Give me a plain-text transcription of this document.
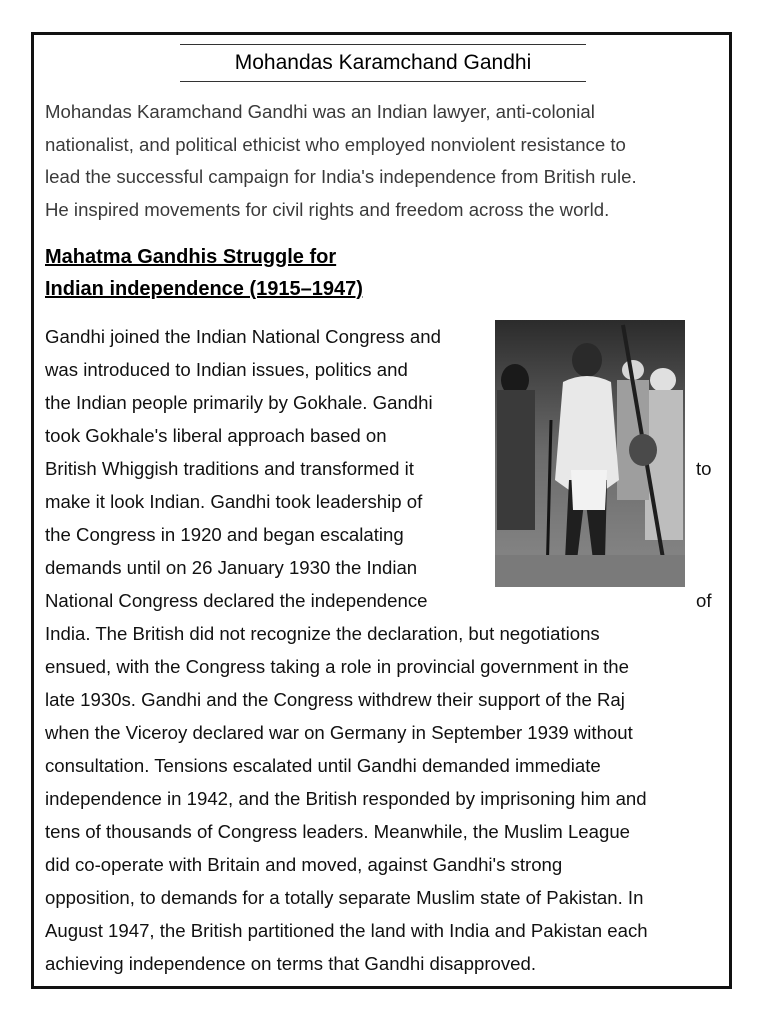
Mohandas Karamchand Gandhi
Mohandas Karamchand Gandhi was an Indian lawyer, anti-colonial
nationalist, and political ethicist who employed nonviolent resistance to
lead the successful campaign for India's independence from British rule.
He inspired movements for civil rights and freedom across the world.
Mahatma Gandhis Struggle for
Indian independence (1915–1947)
Gandhi joined the Indian National Congress and
was introduced to Indian issues, politics and
the Indian people primarily by Gokhale. Gandhi
took Gokhale's liberal approach based on
British Whiggish traditions and transformed it	to
make it look Indian. Gandhi took leadership of
the Congress in 1920 and began escalating
demands until on 26 January 1930 the Indian
National Congress declared the independence	of
India. The British did not recognize the declaration, but negotiations
ensued, with the Congress taking a role in provincial government in the
late 1930s. Gandhi and the Congress withdrew their support of the Raj
when the Viceroy declared war on Germany in September 1939 without
consultation. Tensions escalated until Gandhi demanded immediate
independence in 1942, and the British responded by imprisoning him and
tens of thousands of Congress leaders. Meanwhile, the Muslim League
did co-operate with Britain and moved, against Gandhi's strong
opposition, to demands for a totally separate Muslim state of Pakistan. In
August 1947, the British partitioned the land with India and Pakistan each
achieving independence on terms that Gandhi disapproved.
